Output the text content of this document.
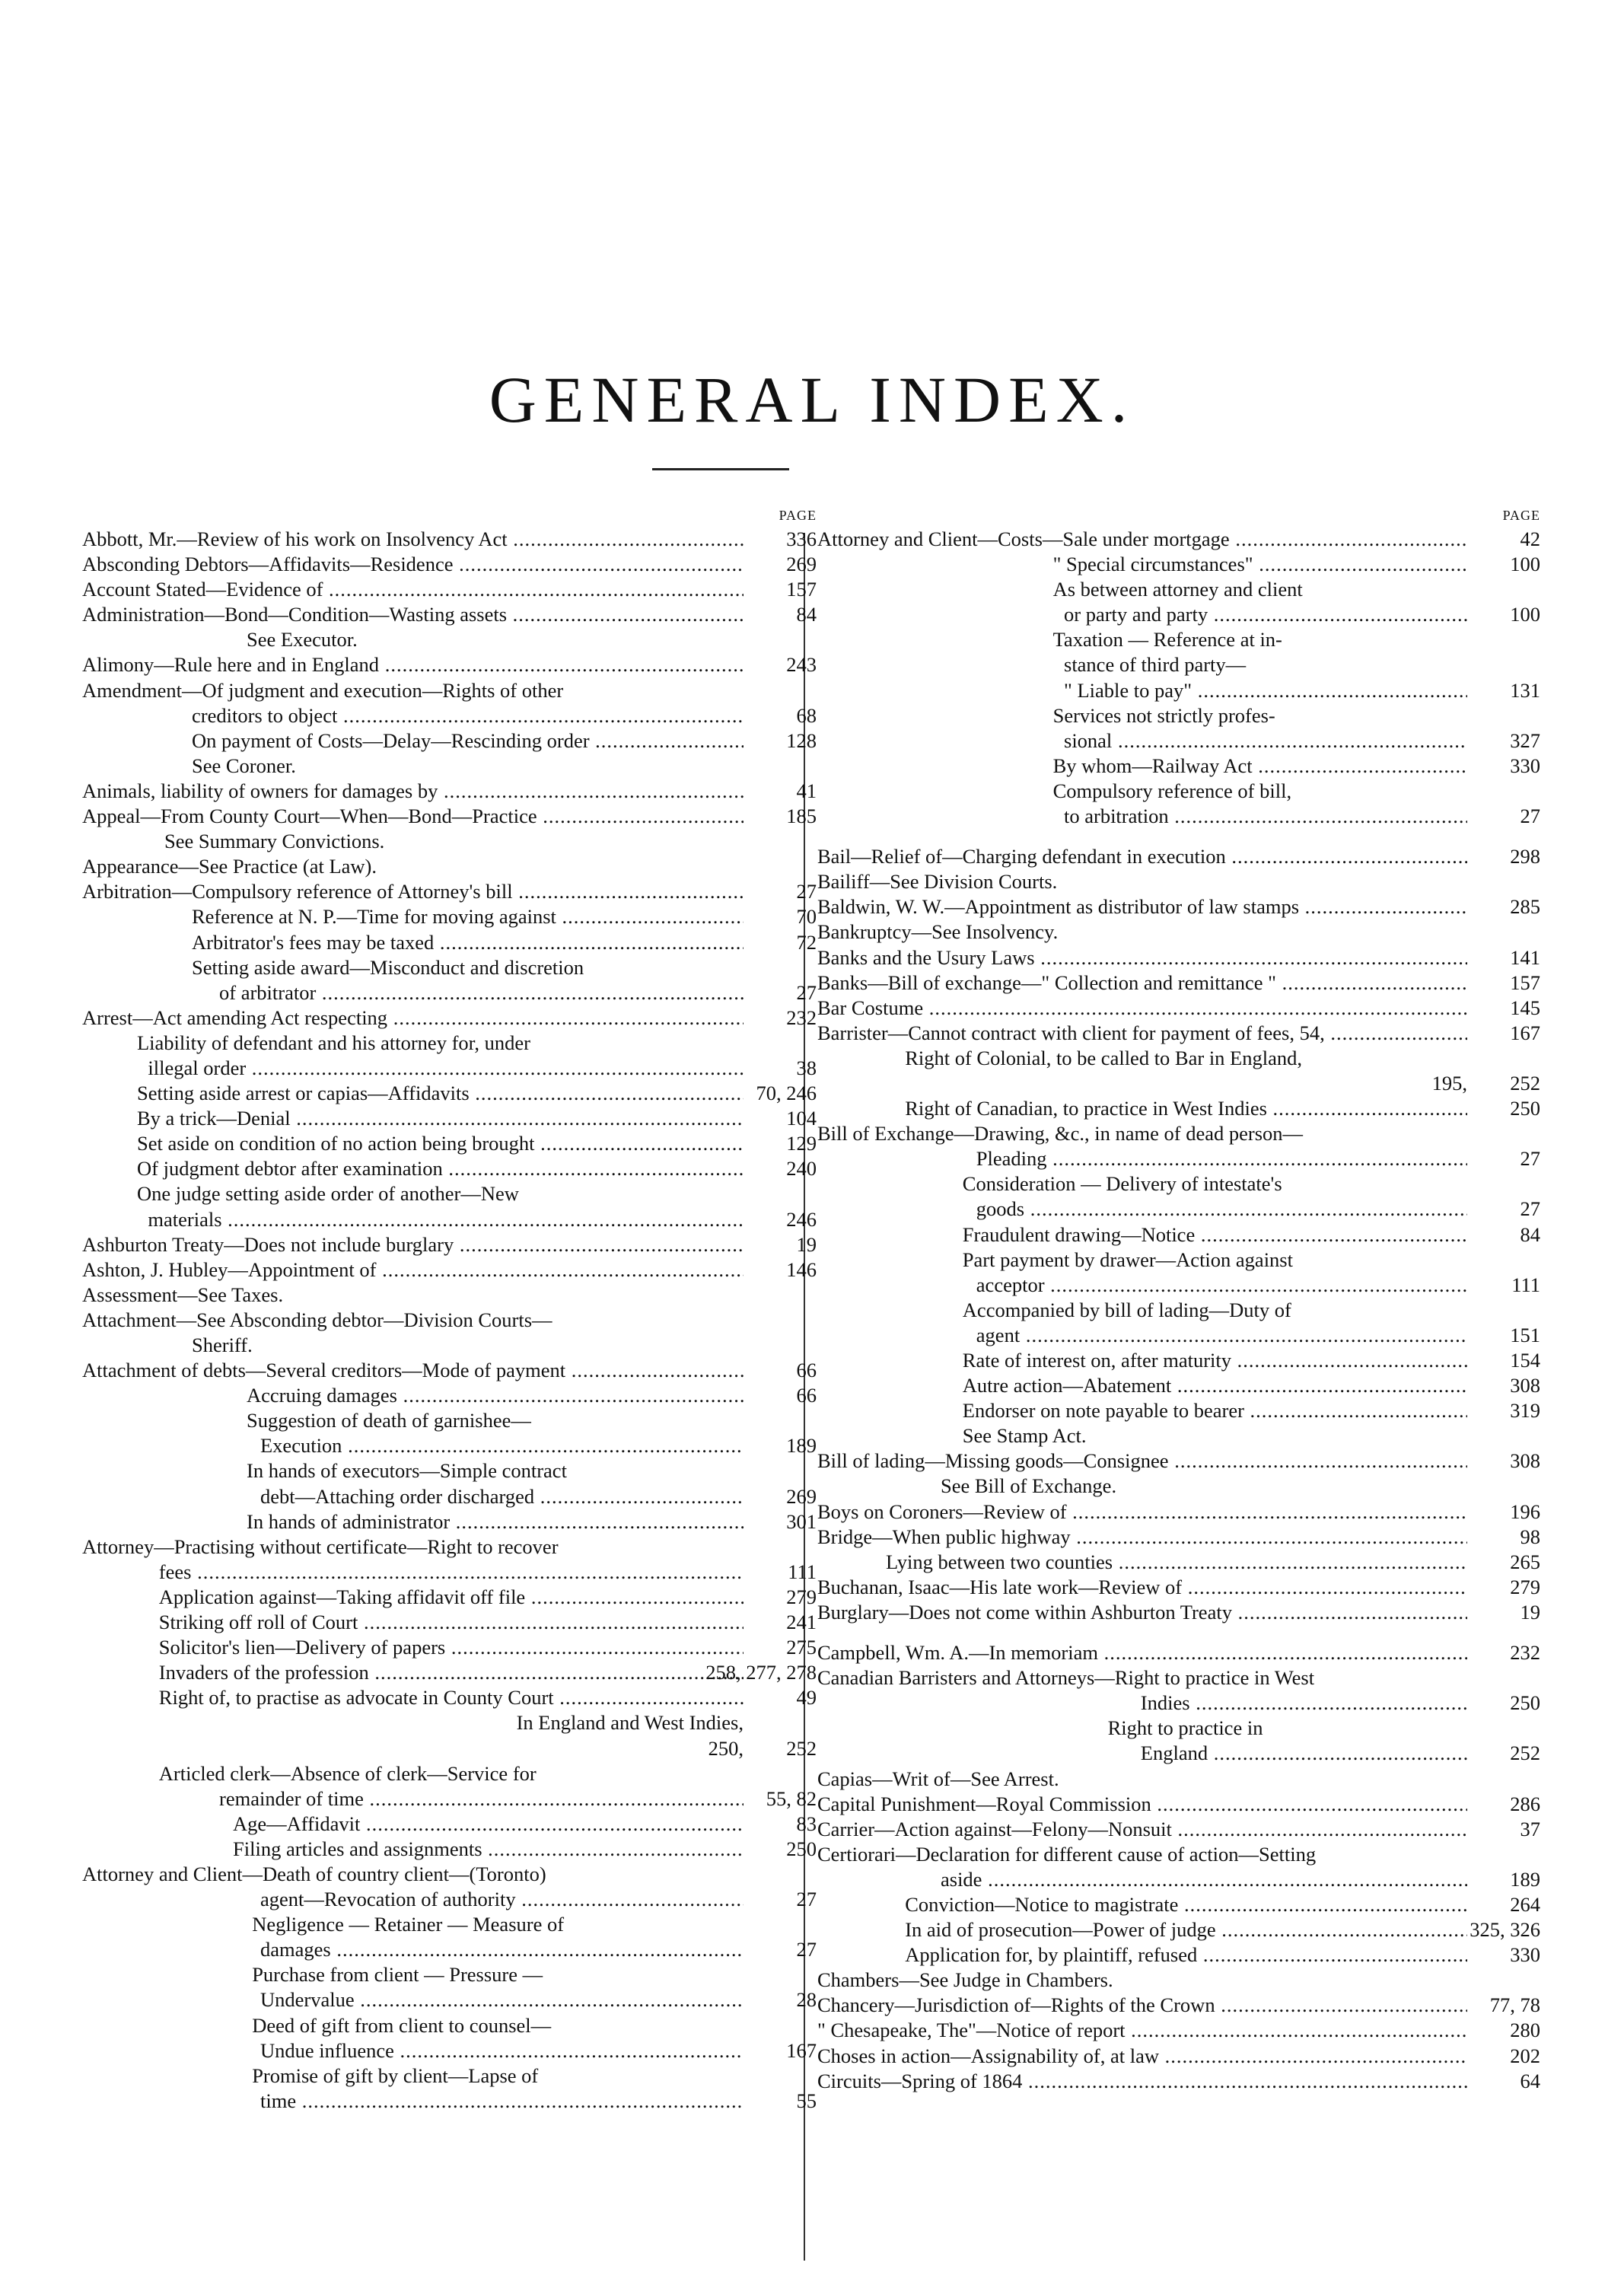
GENERAL INDEX.
PAGE
Abbott, Mr.—Review of his work on Insolvency Act .....	336
Absconding Debtors—Affidavits—Residence .....	269
Account Stated—Evidence of .....	157
Administration—Bond—Condition—Wasting assets .....	84
See Executor.
Alimony—Rule here and in England .....	243
Amendment—Of judgment and execution—Rights of other
creditors to object .....	68
On payment of Costs—Delay—Rescinding order .....	128
See Coroner.
Animals, liability of owners for damages by .....	41
Appeal—From County Court—When—Bond—Practice .....	185
See Summary Convictions.
Appearance—See Practice (at Law).
Arbitration—Compulsory reference of Attorney's bill .....	27
Reference at N. P.—Time for moving against .....	70
Arbitrator's fees may be taxed .....	72
Setting aside award—Misconduct and discretion
of arbitrator .....	27
Arrest—Act amending Act respecting .....	232
Liability of defendant and his attorney for, under
illegal order .....	38
Setting aside arrest or capias—Affidavits .....	70, 246
By a trick—Denial .....	104
Set aside on condition of no action being brought .....	129
Of judgment debtor after examination .....	240
One judge setting aside order of another—New
materials .....	246
Ashburton Treaty—Does not include burglary .....	19
Ashton, J. Hubley—Appointment of .....	146
Assessment—See Taxes.
Attachment—See Absconding debtor—Division Courts—
Sheriff.
Attachment of debts—Several creditors—Mode of payment .....	66
Accruing damages .....	66
Suggestion of death of garnishee—
Execution .....	189
In hands of executors—Simple contract
debt—Attaching order discharged .....	269
In hands of administrator .....	301
Attorney—Practising without certificate—Right to recover
fees .....	111
Application against—Taking affidavit off file .....	279
Striking off roll of Court .....	241
Solicitor's lien—Delivery of papers .....	275
Invaders of the profession .....	258, 277, 278
Right of, to practise as advocate in County Court .....	49
In England and West Indies,
250, 252
Articled clerk—Absence of clerk—Service for
remainder of time .....	55, 82
Age—Affidavit .....	83
Filing articles and assignments .....	250
Attorney and Client—Death of country client—(Toronto)
agent—Revocation of authority .....	27
Negligence — Retainer — Measure of
damages .....	27
Purchase from client — Pressure —
Undervalue .....	28
Deed of gift from client to counsel—
Undue influence .....	167
Promise of gift by client—Lapse of
time .....	55
PAGE
Attorney and Client—Costs—Sale under mortgage .....	42
" Special circumstances" .....	100
As between attorney and client
or party and party .....	100
Taxation — Reference at in-
stance of third party—
" Liable to pay" .....	131
Services not strictly profes-
sional .....	327
By whom—Railway Act .....	330
Compulsory reference of bill,
to arbitration .....	27
Bail—Relief of—Charging defendant in execution .....	298
Bailiff—See Division Courts.
Baldwin, W. W.—Appointment as distributor of law stamps .....	285
Bankruptcy—See Insolvency.
Banks and the Usury Laws .....	141
Banks—Bill of exchange—" Collection and remittance " .....	157
Bar Costume .....	145
Barrister—Cannot contract with client for payment of fees, 54, .....	167
Right of Colonial, to be called to Bar in England,
195, 252
Right of Canadian, to practice in West Indies .....	250
Bill of Exchange—Drawing, &c., in name of dead person—
Pleading .....	27
Consideration — Delivery of intestate's
goods .....	27
Fraudulent drawing—Notice .....	84
Part payment by drawer—Action against
acceptor .....	111
Accompanied by bill of lading—Duty of
agent .....	151
Rate of interest on, after maturity .....	154
Autre action—Abatement .....	308
Endorser on note payable to bearer .....	319
See Stamp Act.
Bill of lading—Missing goods—Consignee .....	308
See Bill of Exchange.
Boys on Coroners—Review of .....	196
Bridge—When public highway .....	98
Lying between two counties .....	265
Buchanan, Isaac—His late work—Review of .....	279
Burglary—Does not come within Ashburton Treaty .....	19
Campbell, Wm. A.—In memoriam .....	232
Canadian Barristers and Attorneys—Right to practice in West
Indies .....	250
Right to practice in
England .....	252
Capias—Writ of—See Arrest.
Capital Punishment—Royal Commission .....	286
Carrier—Action against—Felony—Nonsuit .....	37
Certiorari—Declaration for different cause of action—Setting
aside .....	189
Conviction—Notice to magistrate .....	264
In aid of prosecution—Power of judge .....	325, 326
Application for, by plaintiff, refused .....	330
Chambers—See Judge in Chambers.
Chancery—Jurisdiction of—Rights of the Crown .....	77, 78
" Chesapeake, The"—Notice of report .....	280
Choses in action—Assignability of, at law .....	202
Circuits—Spring of 1864 .....	64
